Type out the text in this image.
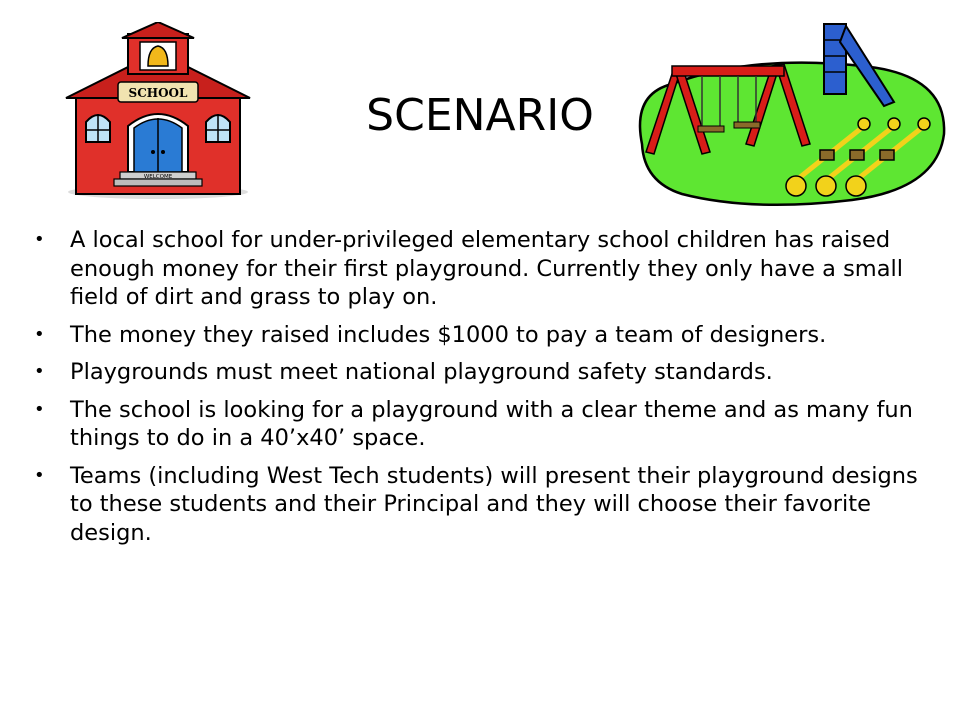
SCHOOL
WELCOME
SCENARIO
• A local school for under-privileged elementary school children has raised enough money for their first playground. Currently they only have a small field of dirt and grass to play on.
• The money they raised includes $1000 to pay a team of designers.
• Playgrounds must meet national playground safety standards.
• The school is looking for a playground with a clear theme and as many fun things to do in a 40’x40’ space.
• Teams (including West Tech students) will present their playground designs to these students and their Principal and they will choose their favorite design.
